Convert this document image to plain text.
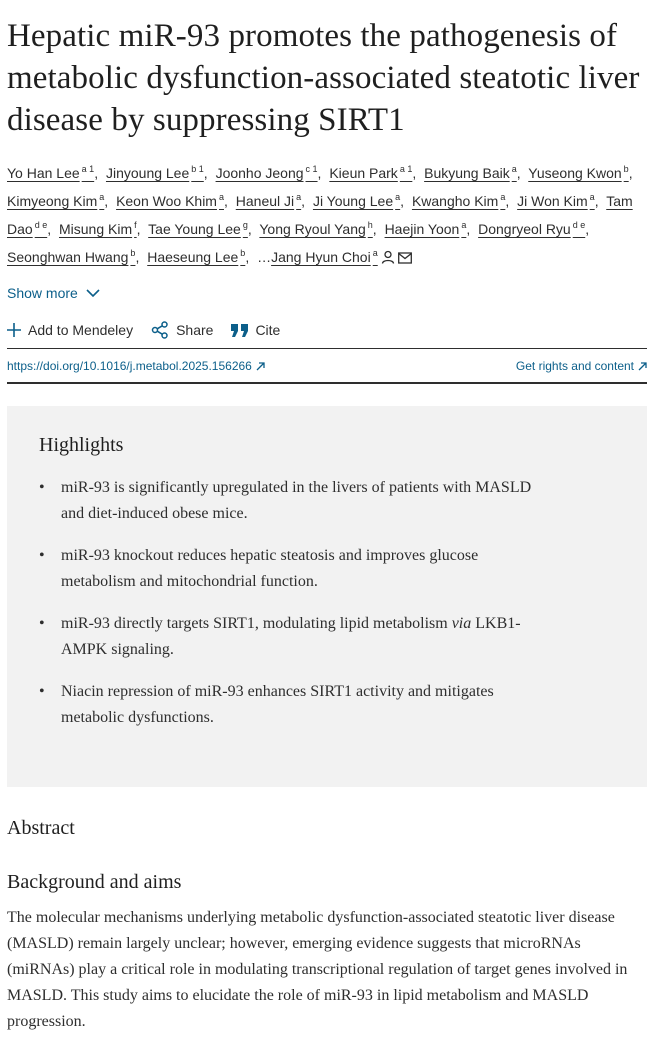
Hepatic miR-93 promotes the pathogenesis of metabolic dysfunction-associated steatotic liver disease by suppressing SIRT1
Yo Han Lee $^{a 1}$, Jinyoung Lee $^{b 1}$, Joonho Jeong $^{c 1}$, Kieun Park $^{a 1}$, Bukyung Baik $^a$, Yuseong Kwon $^b$, Kimyeong Kim $^a$, Keon Woo Khim $^a$, Haneul Ji $^a$, Ji Young Lee $^a$, Kwangho Kim $^a$, Ji Won Kim $^a$, Tam Dao $^{d e}$, Misung Kim $^f$, Tae Young Lee $^g$, Yong Ryoul Yang $^h$, Haejin Yoon $^a$, Dongryeol Ryu $^{d e}$, Seonghwan Hwang $^b$, Haeseung Lee $^b$, …Jang Hyun Choi $^a$
Show more
Add to Mendeley	Share	Cite
https://doi.org/10.1016/j.metabol.2025.156266	Get rights and content
Highlights
• miR-93 is significantly upregulated in the livers of patients with MASLD and diet-induced obese mice.
• miR-93 knockout reduces hepatic steatosis and improves glucose metabolism and mitochondrial function.
• miR-93 directly targets SIRT1, modulating lipid metabolism via LKB1-AMPK signaling.
• Niacin repression of miR-93 enhances SIRT1 activity and mitigates metabolic dysfunctions.
Abstract
Background and aims

The molecular mechanisms underlying metabolic dysfunction-associated steatotic liver disease (MASLD) remain largely unclear; however, emerging evidence suggests that microRNAs (miRNAs) play a critical role in modulating transcriptional regulation of target genes involved in MASLD. This study aims to elucidate the role of miR-93 in lipid metabolism and MASLD progression.
